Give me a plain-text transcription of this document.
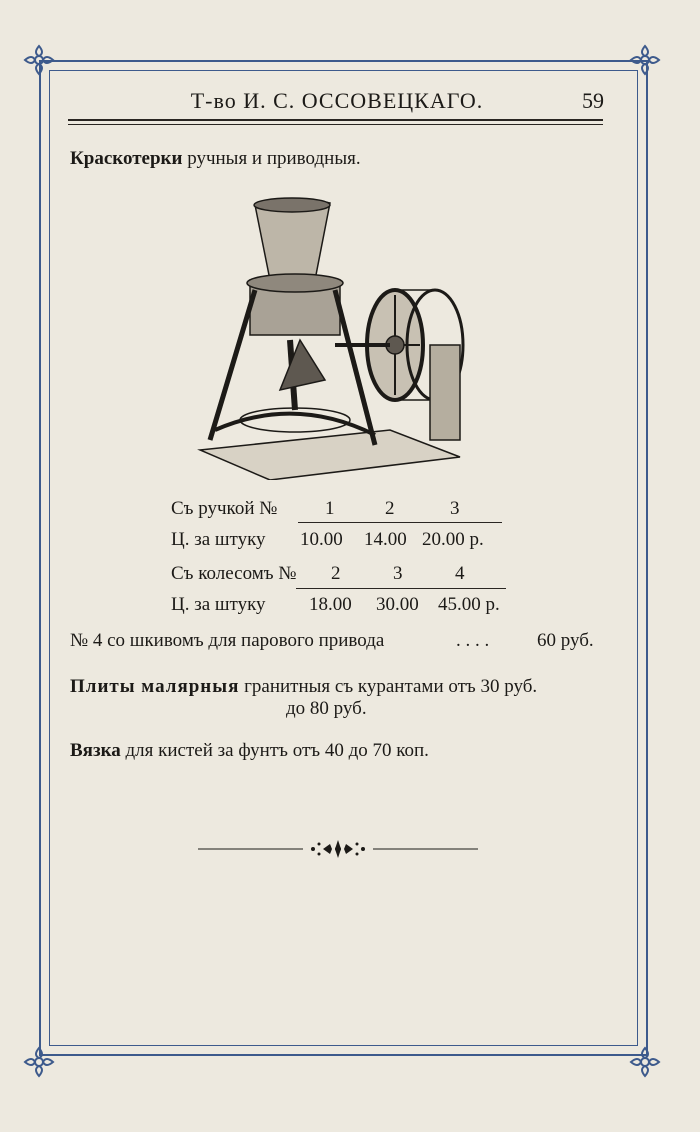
Т-во И. С. ОССОВЕЦКАГО.	59
Краскотерки ручныя и приводныя.
Съ ручкой №	1	2	3
Ц. за штуку 10.00 14.00 20.00 р.
Съ колесомъ № 2	3	4
Ц. за штуку 18.00 30.00 45.00 р.
№ 4 со шкивомъ для парового привода	. . . .	60 руб.
Плиты малярныя гранитныя съ курантами отъ 30 руб.
до 80 руб.
Вязка для кистей за фунтъ отъ 40 до 70 коп.
